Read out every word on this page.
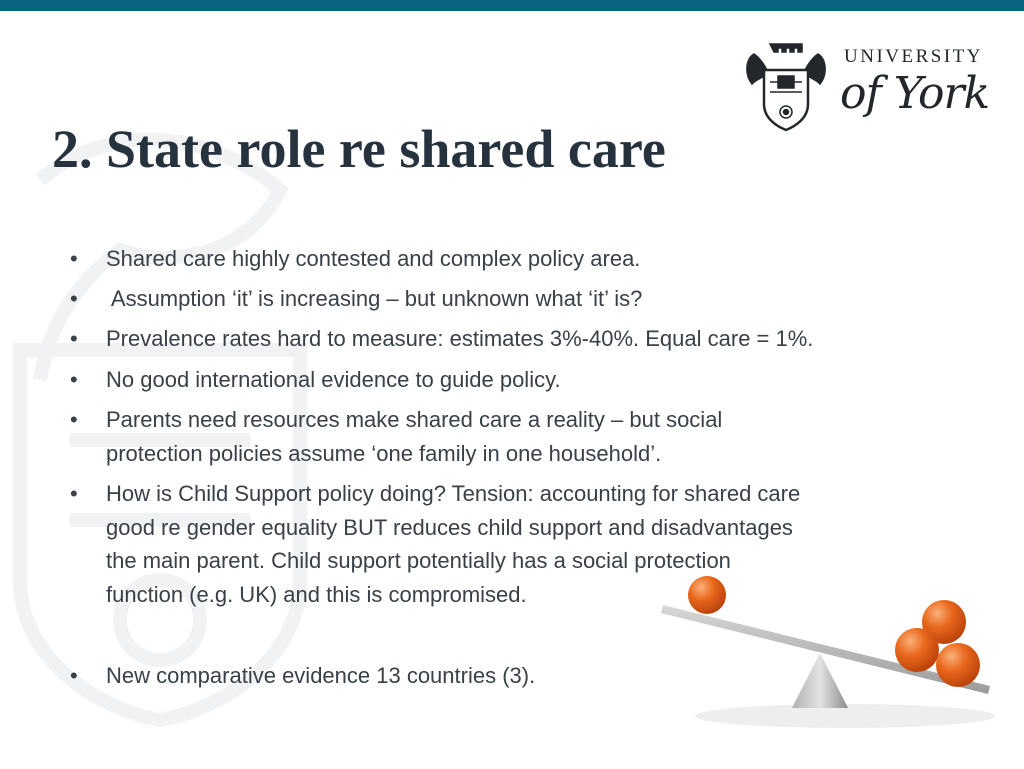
UNIVERSITY
of York
2. State role re shared care
• Shared care highly contested and complex policy area.
• Assumption ‘it’ is increasing – but unknown what ‘it’ is?
• Prevalence rates hard to measure: estimates 3%-40%. Equal care = 1%.
• No good international evidence to guide policy.
• Parents need resources make shared care a reality – but social
protection policies assume ‘one family in one household’.
• How is Child Support policy doing? Tension: accounting for shared care
good re gender equality BUT reduces child support and disadvantages
the main parent. Child support potentially has a social protection
function (e.g. UK) and this is compromised.
• New comparative evidence 13 countries (3).
